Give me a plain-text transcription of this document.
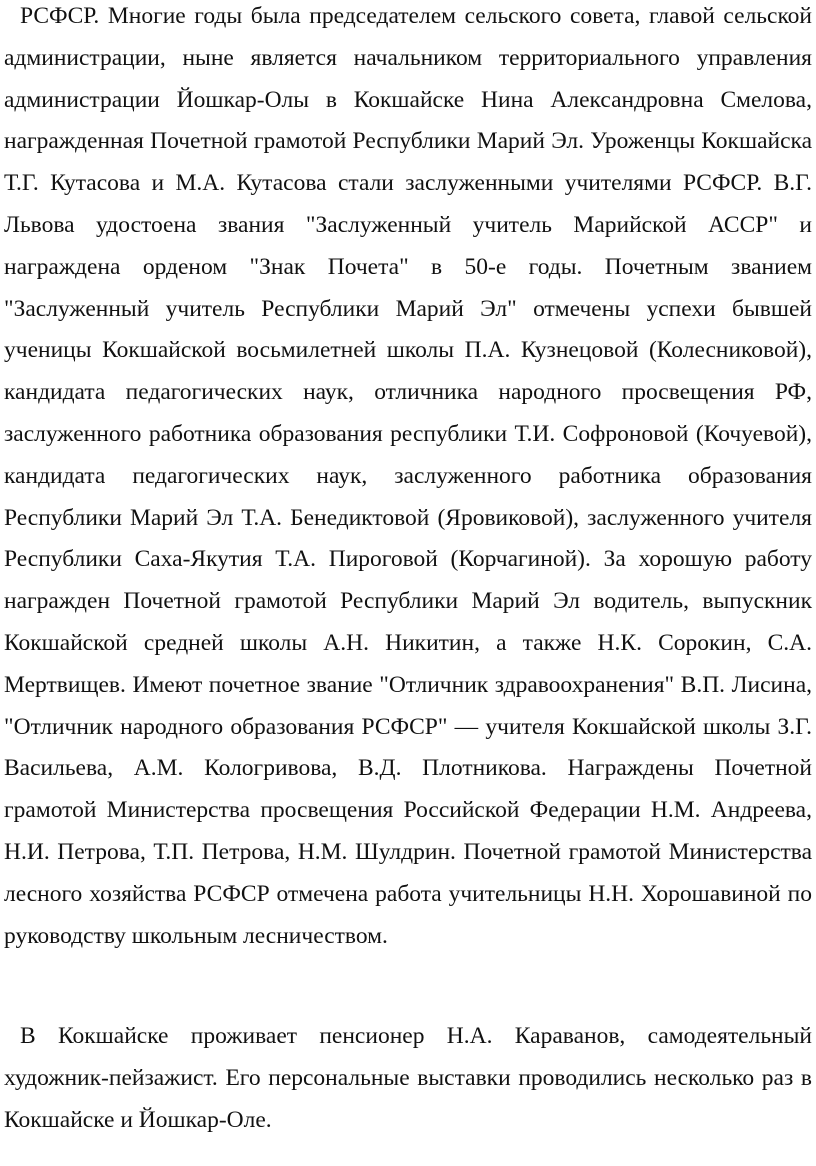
РСФСР. Многие годы была председателем сельского совета, главой сельской администрации, ныне является начальником территориального управления администрации Йошкар-Олы в Кокшайске Нина Александровна Смелова, награжденная Почетной грамотой Республики Марий Эл. Уроженцы Кокшайска Т.Г. Кутасова и М.А. Кутасова стали заслуженными учителями РСФСР. В.Г. Львова удостоена звания "Заслуженный учитель Марийской АССР" и награждена орденом "Знак Почета" в 50-е годы. Почетным званием "Заслуженный учитель Республики Марий Эл" отмечены успехи бывшей ученицы Кокшайской восьмилетней школы П.А. Кузнецовой (Колесниковой), кандидата педагогических наук, отличника народного просвещения РФ, заслуженного работника образования республики Т.И. Софроновой (Кочуевой), кандидата педагогических наук, заслуженного работника образования Республики Марий Эл Т.А. Бенедиктовой (Яровиковой), заслуженного учителя Республики Саха-Якутия Т.А. Пироговой (Корчагиной). За хорошую работу награжден Почетной грамотой Республики Марий Эл водитель, выпускник Кокшайской средней школы А.Н. Никитин, а также Н.К. Сорокин, С.А. Мертвищев. Имеют почетное звание "Отличник здравоохранения" В.П. Лисина, "Отличник народного образования РСФСР" — учителя Кокшайской школы З.Г. Васильева, А.М. Кологривова, В.Д. Плотникова. Награждены Почетной грамотой Министерства просвещения Российской Федерации Н.М. Андреева, Н.И. Петрова, Т.П. Петрова, Н.М. Шулдрин. Почетной грамотой Министерства лесного хозяйства РСФСР отмечена работа учительницы Н.Н. Хорошавиной по руководству школьным лесничеством.

В Кокшайске проживает пенсионер Н.А. Караванов, самодеятельный художник-пейзажист. Его персональные выставки проводились несколько раз в Кокшайске и Йошкар-Оле.
